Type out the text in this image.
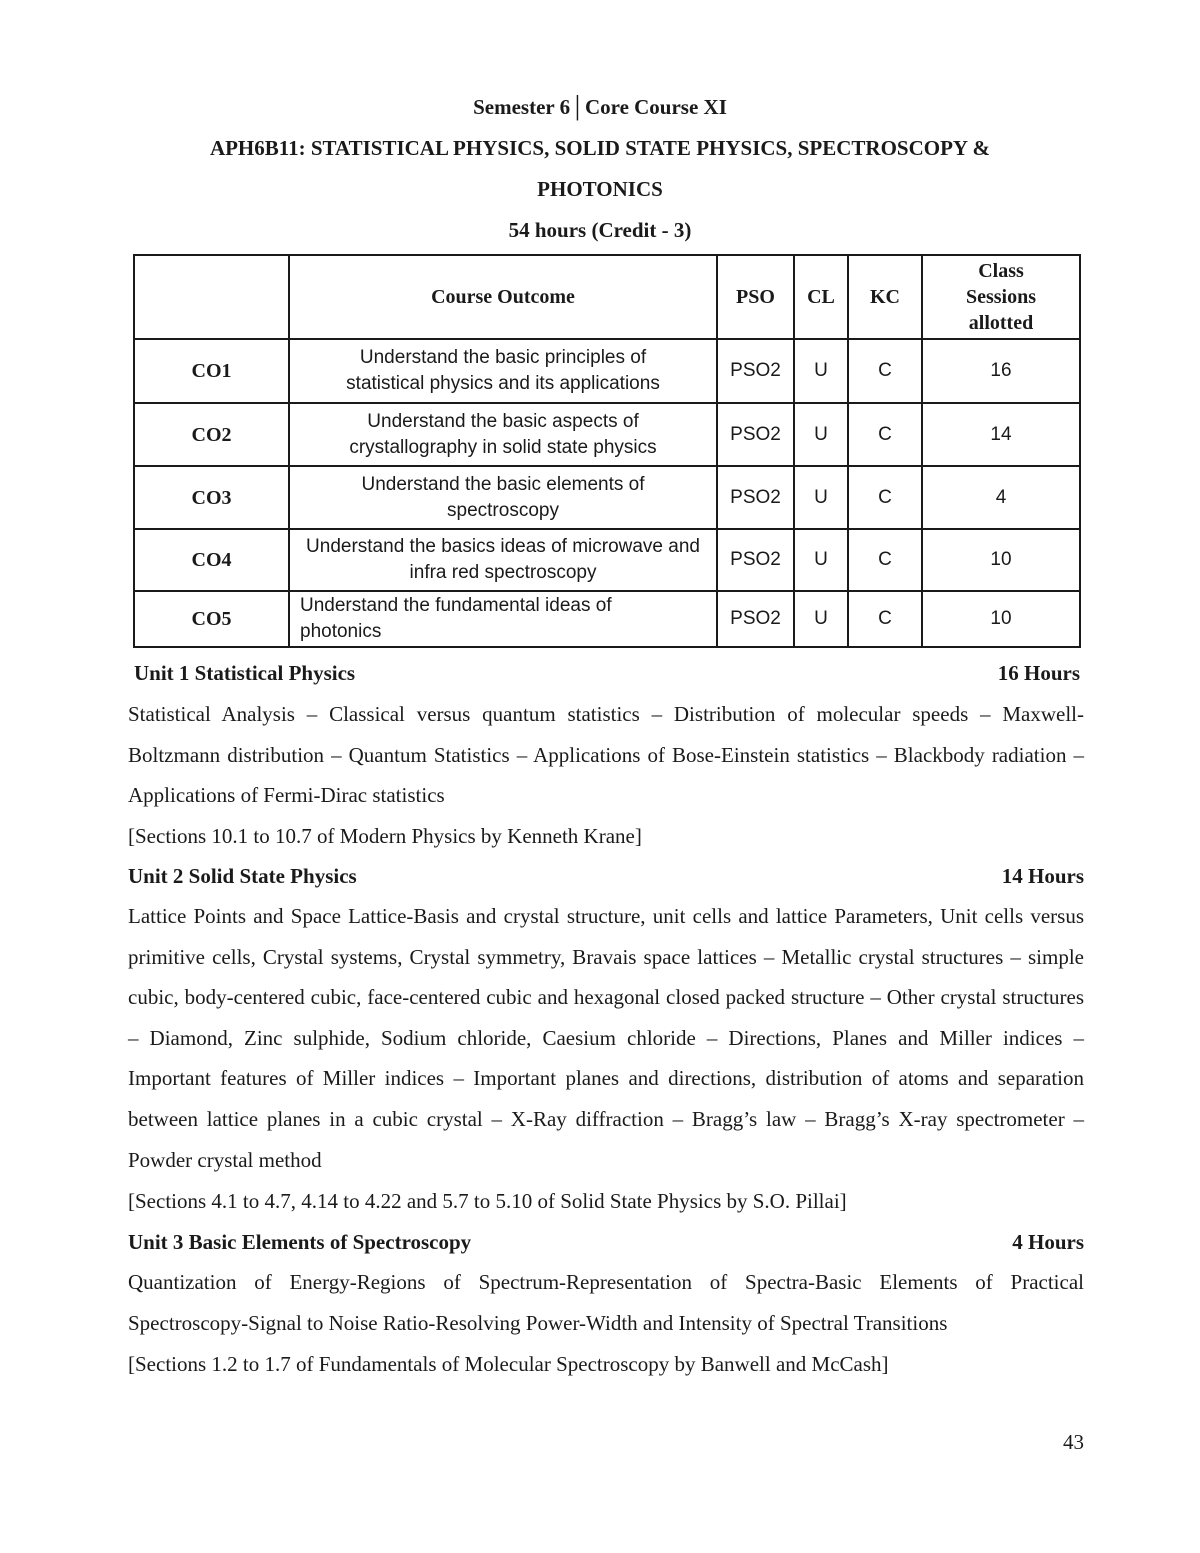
Semester 6│Core Course XI
APH6B11: STATISTICAL PHYSICS, SOLID STATE PHYSICS, SPECTROSCOPY &
PHOTONICS
54 hours (Credit - 3)
	Course Outcome	PSO	CL	KC	Class Sessions allotted
CO1	Understand the basic principles of statistical physics and its applications	PSO2	U	C	16
CO2	Understand the basic aspects of crystallography in solid state physics	PSO2	U	C	14
CO3	Understand the basic elements of spectroscopy	PSO2	U	C	4
CO4	Understand the basics ideas of microwave and infra red spectroscopy	PSO2	U	C	10
CO5	Understand the fundamental ideas of photonics	PSO2	U	C	10
Unit 1 Statistical Physics	16 Hours
Statistical Analysis – Classical versus quantum statistics – Distribution of molecular speeds – Maxwell-Boltzmann distribution – Quantum Statistics – Applications of Bose-Einstein statistics – Blackbody radiation – Applications of Fermi-Dirac statistics
[Sections 10.1 to 10.7 of Modern Physics by Kenneth Krane]
Unit 2 Solid State Physics	14 Hours
Lattice Points and Space Lattice-Basis and crystal structure, unit cells and lattice Parameters, Unit cells versus primitive cells, Crystal systems, Crystal symmetry, Bravais space lattices – Metallic crystal structures – simple cubic, body-centered cubic, face-centered cubic and hexagonal closed packed structure – Other crystal structures – Diamond, Zinc sulphide, Sodium chloride, Caesium chloride – Directions, Planes and Miller indices – Important features of Miller indices – Important planes and directions, distribution of atoms and separation between lattice planes in a cubic crystal – X-Ray diffraction – Bragg’s law – Bragg’s X-ray spectrometer – Powder crystal method
[Sections 4.1 to 4.7, 4.14 to 4.22 and 5.7 to 5.10 of Solid State Physics by S.O. Pillai]
Unit 3 Basic Elements of Spectroscopy	4 Hours
Quantization of Energy-Regions of Spectrum-Representation of Spectra-Basic Elements of Practical Spectroscopy-Signal to Noise Ratio-Resolving Power-Width and Intensity of Spectral Transitions
[Sections 1.2 to 1.7 of Fundamentals of Molecular Spectroscopy by Banwell and McCash]
43
